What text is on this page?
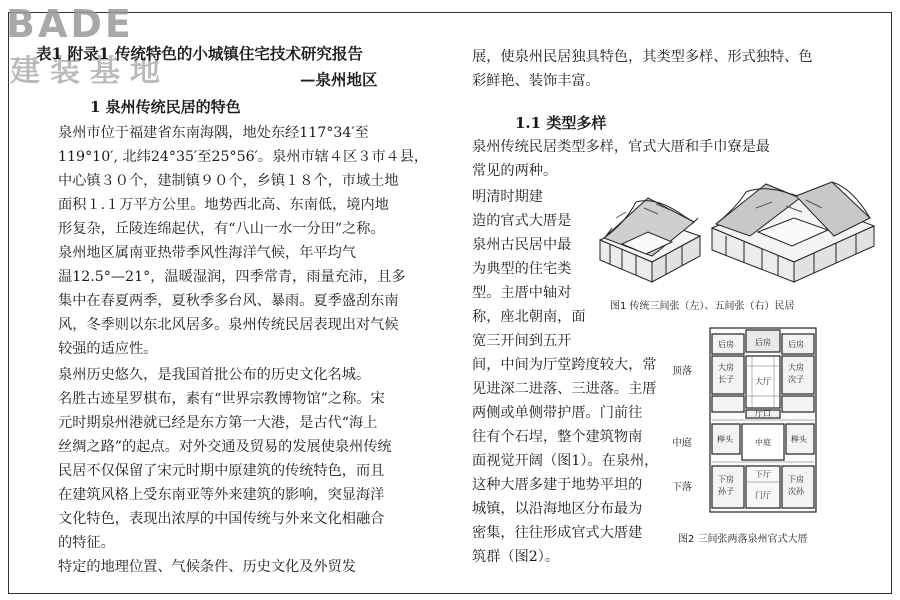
BADE
建装基地
表1 附录1 传统特色的小城镇住宅技术研究报告
—泉州地区
1 泉州传统民居的特色
泉州市位于福建省东南海隅，地处东经117°34′至
119°10′, 北纬24°35′至25°56′。泉州市辖４区３市４县，
中心镇３０个，建制镇９０个，乡镇１８个，市域土地
面积１.１万平方公里。地势西北高、东南低，境内地
形复杂，丘陵连绵起伏，有“八山一水一分田”之称。
泉州地区属南亚热带季风性海洋气候，年平均气
温12.5°—21°，温暖湿润，四季常青，雨量充沛，且多
集中在春夏两季，夏秋季多台风、暴雨。夏季盛刮东南
风，冬季则以东北风居多。泉州传统民居表现出对气候
较强的适应性。
泉州历史悠久，是我国首批公布的历史文化名城。
名胜古迹星罗棋布，素有“世界宗教博物馆”之称。宋
元时期泉州港就已经是东方第一大港，是古代“海上
丝绸之路”的起点。对外交通及贸易的发展使泉州传统
民居不仅保留了宋元时期中原建筑的传统特色，而且
在建筑风格上受东南亚等外来建筑的影响，突显海洋
文化特色，表现出浓厚的中国传统与外来文化相融合
的特征。
特定的地理位置、气候条件、历史文化及外贸发
展，使泉州民居独具特色，其类型多样、形式独特、色
彩鲜艳、装饰丰富。
1.1 类型多样
泉州传统民居类型多样，官式大厝和手巾寮是最
常见的两种。
明清时期建
造的官式大厝是
泉州古民居中最
为典型的住宅类
型。主厝中轴对
称，座北朝南，面
宽三开间到五开
间，中间为厅堂跨度较大，常
见进深二进落、三进落。主厝
两侧或单侧带护厝。门前往
往有个石埕，整个建筑物南
面视觉开阔（图1）。在泉州，
这种大厝多建于地势平坦的
城镇，以沿海地区分布最为
密集，往往形成官式大厝建
筑群（图2）。
图1 传统三间张（左）、五间张（右）民居
顶落
中庭
下落
后房	后房 后房
大房
长子
大房
次子
大厅
厅口
榉头	中庭	榉头
下房
孙子
下厅
门厅
下房
次孙
图2 三间张两落泉州官式大厝
